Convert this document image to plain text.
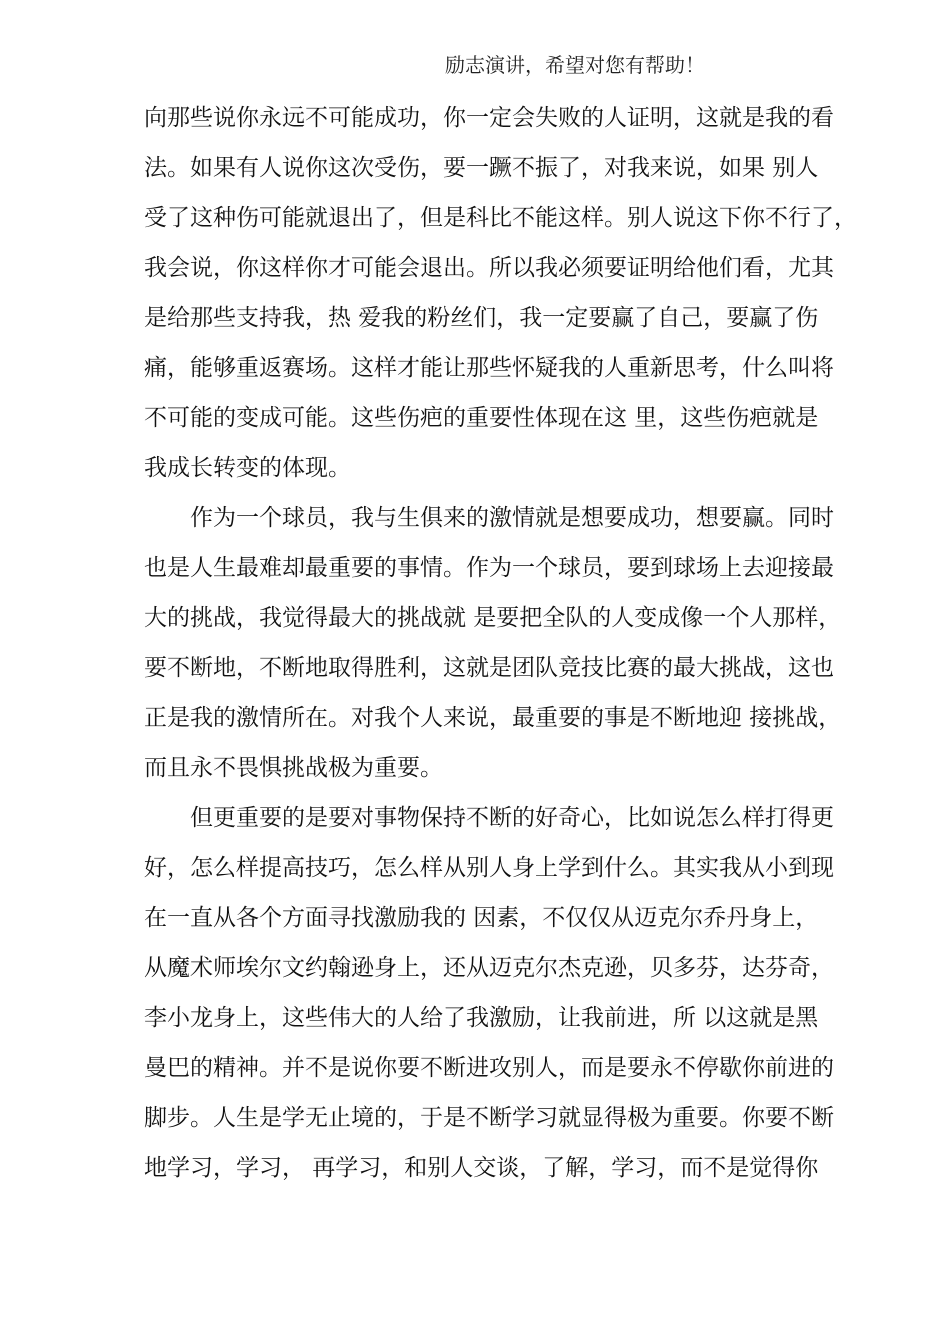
励志演讲，希望对您有帮助！
向那些说你永远不可能成功，你一定会失败的人证明，这就是我的看
法。如果有人说你这次受伤，要一蹶不振了，对我来说，如果 别人
受了这种伤可能就退出了，但是科比不能这样。别人说这下你不行了，
我会说，你这样你才可能会退出。所以我必须要证明给他们看，尤其
是给那些支持我，热 爱我的粉丝们，我一定要赢了自己，要赢了伤
痛，能够重返赛场。这样才能让那些怀疑我的人重新思考，什么叫将
不可能的变成可能。这些伤疤的重要性体现在这 里，这些伤疤就是
我成长转变的体现。
作为一个球员，我与生俱来的激情就是想要成功，想要赢。同时
也是人生最难却最重要的事情。作为一个球员，要到球场上去迎接最
大的挑战，我觉得最大的挑战就 是要把全队的人变成像一个人那样，
要不断地，不断地取得胜利，这就是团队竞技比赛的最大挑战，这也
正是我的激情所在。对我个人来说，最重要的事是不断地迎 接挑战，
而且永不畏惧挑战极为重要。
但更重要的是要对事物保持不断的好奇心，比如说怎么样打得更
好，怎么样提高技巧，怎么样从别人身上学到什么。其实我从小到现
在一直从各个方面寻找激励我的 因素，不仅仅从迈克尔乔丹身上，
从魔术师埃尔文约翰逊身上，还从迈克尔杰克逊，贝多芬，达芬奇，
李小龙身上，这些伟大的人给了我激励，让我前进，所 以这就是黑
曼巴的精神。并不是说你要不断进攻别人，而是要永不停歇你前进的
脚步。人生是学无止境的，于是不断学习就显得极为重要。你要不断
地学习，学习， 再学习，和别人交谈，了解，学习，而不是觉得你
